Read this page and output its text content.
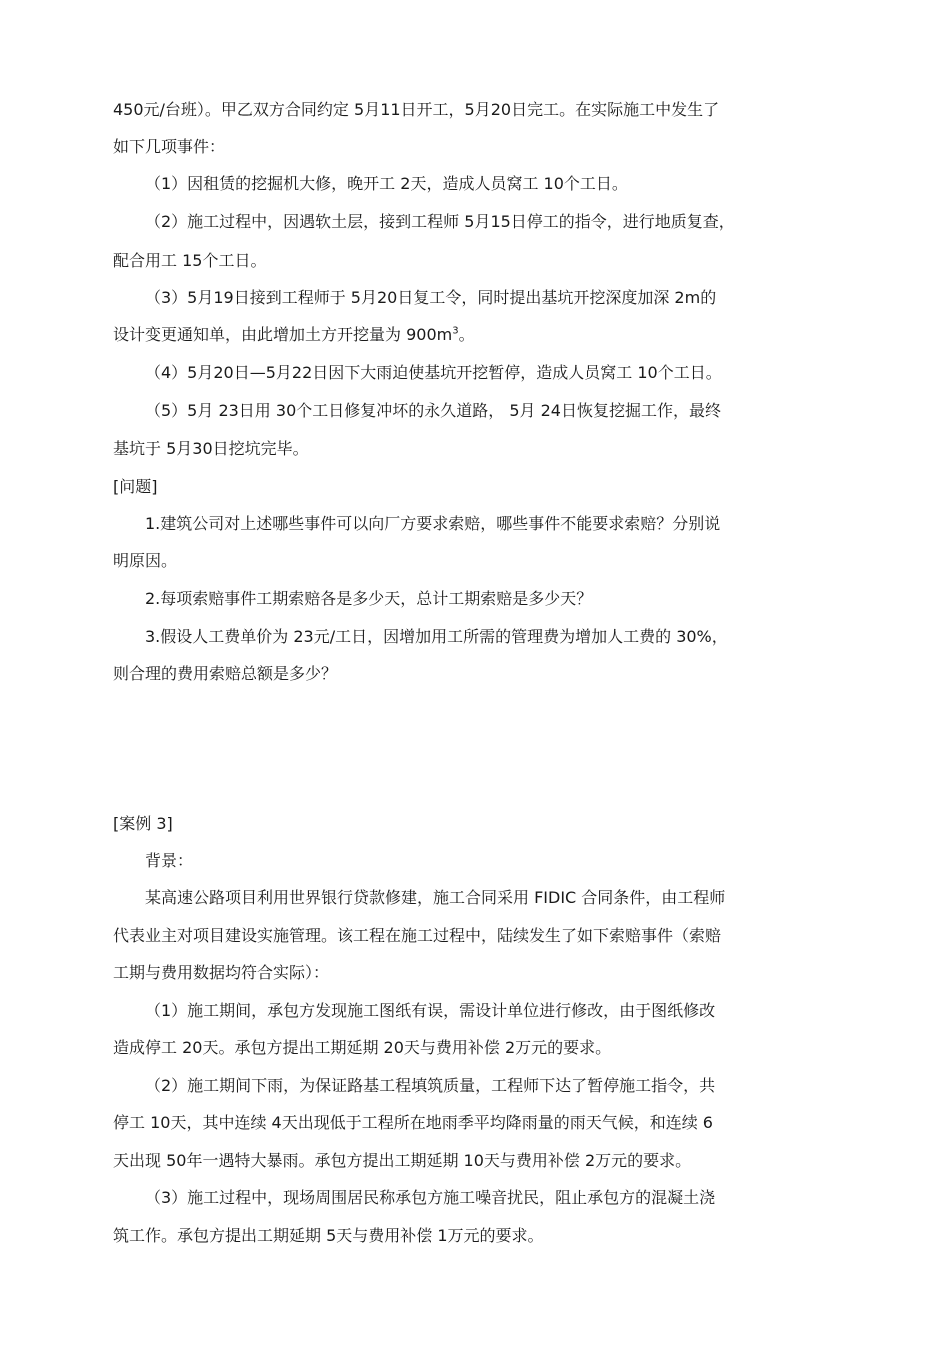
450元/台班）。甲乙双方合同约定 5月11日开工，5月20日完工。在实际施工中发生了
如下几项事件：
（1）因租赁的挖掘机大修，晚开工 2天，造成人员窝工 10个工日。
（2）施工过程中，因遇软土层，接到工程师 5月15日停工的指令，进行地质复查，
配合用工 15个工日。
（3）5月19日接到工程师于 5月20日复工令，同时提出基坑开挖深度加深 2m的
设计变更通知单，由此增加土方开挖量为 $900m^3$。
（4）5月20日—5月22日因下大雨迫使基坑开挖暂停，造成人员窝工 10个工日。
（5）5月 23日用 30个工日修复冲坏的永久道路， 5月 24日恢复挖掘工作，最终
基坑于 5月30日挖坑完毕。
[问题]
1.建筑公司对上述哪些事件可以向厂方要求索赔，哪些事件不能要求索赔？分别说
明原因。
2.每项索赔事件工期索赔各是多少天，总计工期索赔是多少天？
3.假设人工费单价为 23元/工日，因增加用工所需的管理费为增加人工费的 30%，
则合理的费用索赔总额是多少？
[案例 3]
背景：
某高速公路项目利用世界银行贷款修建，施工合同采用 FIDIC 合同条件，由工程师
代表业主对项目建设实施管理。该工程在施工过程中，陆续发生了如下索赔事件（索赔
工期与费用数据均符合实际）：
（1）施工期间，承包方发现施工图纸有误，需设计单位进行修改，由于图纸修改
造成停工 20天。承包方提出工期延期 20天与费用补偿 2万元的要求。
（2）施工期间下雨，为保证路基工程填筑质量，工程师下达了暂停施工指令，共
停工 10天，其中连续 4天出现低于工程所在地雨季平均降雨量的雨天气候，和连续 6
天出现 50年一遇特大暴雨。承包方提出工期延期 10天与费用补偿 2万元的要求。
（3）施工过程中，现场周围居民称承包方施工噪音扰民，阻止承包方的混凝土浇
筑工作。承包方提出工期延期 5天与费用补偿 1万元的要求。
